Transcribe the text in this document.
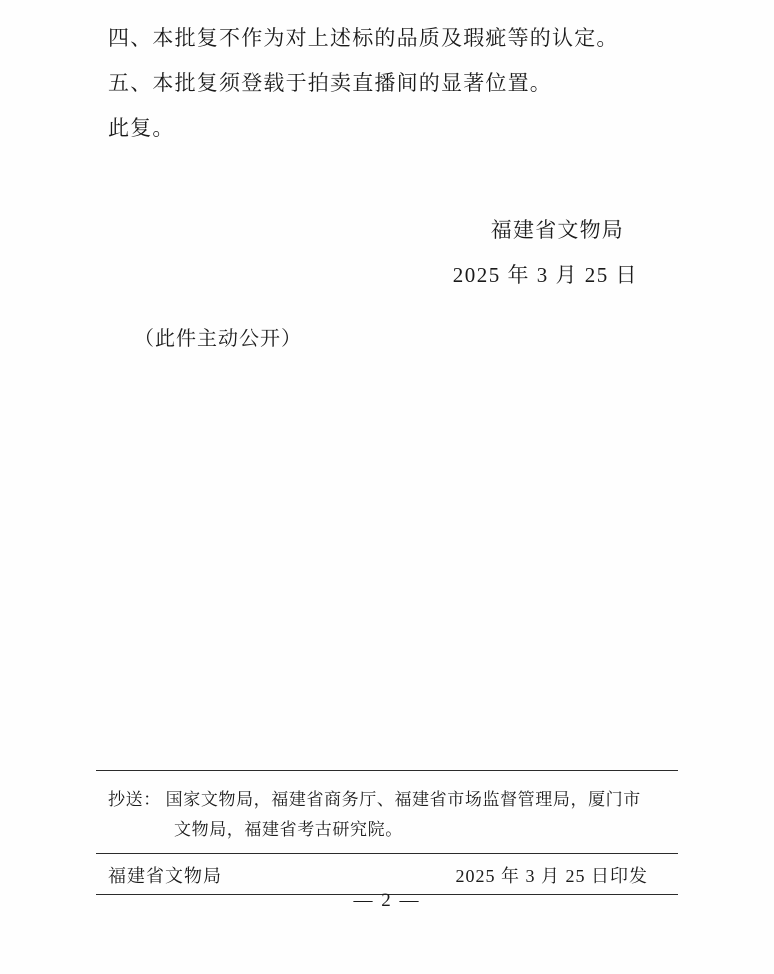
四、本批复不作为对上述标的品质及瑕疵等的认定。
五、本批复须登载于拍卖直播间的显著位置。
此复。
福建省文物局
2025 年 3 月 25 日
（此件主动公开）
抄送： 国家文物局，福建省商务厅、福建省市场监督管理局，厦门市
文物局，福建省考古研究院。
福建省文物局	2025 年 3 月 25 日印发
— 2 —
